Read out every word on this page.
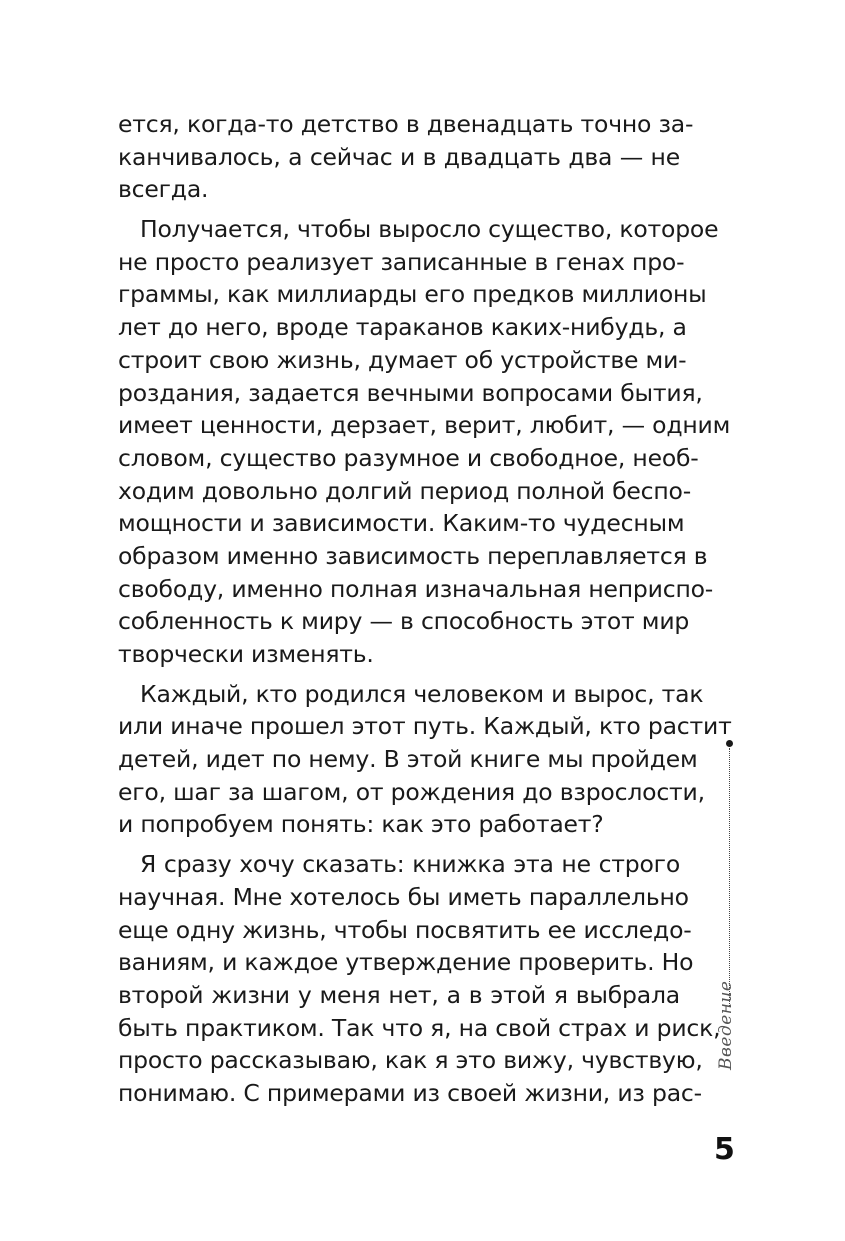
ется, когда-то детство в двенадцать точно за-
канчивалось, а сейчас и в двадцать два — не
всегда.
Получается, чтобы выросло существо, которое
не просто реализует записанные в генах про-
граммы, как миллиарды его предков миллионы
лет до него, вроде тараканов каких-нибудь, а
строит свою жизнь, думает об устройстве ми-
роздания, задается вечными вопросами бытия,
имеет ценности, дерзает, верит, любит, — одним
словом, существо разумное и свободное, необ-
ходим довольно долгий период полной беспо-
мощности и зависимости. Каким-то чудесным
образом именно зависимость переплавляется в
свободу, именно полная изначальная неприспо-
собленность к миру — в способность этот мир
творчески изменять.
Каждый, кто родился человеком и вырос, так
или иначе прошел этот путь. Каждый, кто растит
детей, идет по нему. В этой книге мы пройдем
его, шаг за шагом, от рождения до взрослости,
и попробуем понять: как это работает?
Я сразу хочу сказать: книжка эта не строго
научная. Мне хотелось бы иметь параллельно
еще одну жизнь, чтобы посвятить ее исследо-
ваниям, и каждое утверждение проверить. Но
второй жизни у меня нет, а в этой я выбрала
быть практиком. Так что я, на свой страх и риск,
просто рассказываю, как я это вижу, чувствую,
понимаю. С примерами из своей жизни, из рас-
Введение
5
